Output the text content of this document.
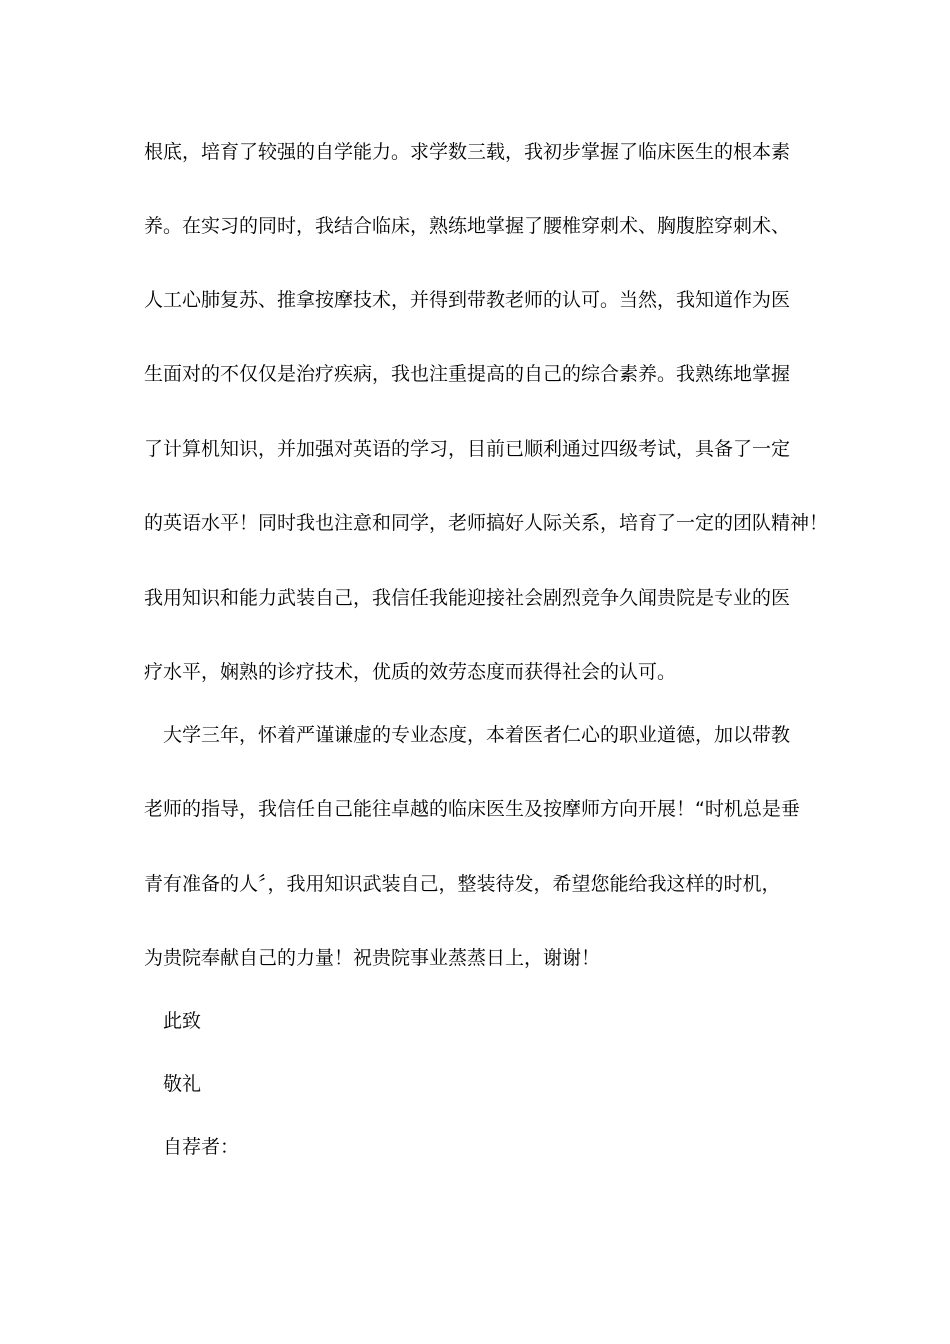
根底，培育了较强的自学能力。求学数三载，我初步掌握了临床医生的根本素
养。在实习的同时，我结合临床，熟练地掌握了腰椎穿刺术、胸腹腔穿刺术、
人工心肺复苏、推拿按摩技术，并得到带教老师的认可。当然，我知道作为医
生面对的不仅仅是治疗疾病，我也注重提高的自己的综合素养。我熟练地掌握
了计算机知识，并加强对英语的学习，目前已顺利通过四级考试，具备了一定
的英语水平！同时我也注意和同学，老师搞好人际关系，培育了一定的团队精神！
我用知识和能力武装自己，我信任我能迎接社会剧烈竞争久闻贵院是专业的医
疗水平，娴熟的诊疗技术，优质的效劳态度而获得社会的认可。
大学三年，怀着严谨谦虚的专业态度，本着医者仁心的职业道德，加以带教
老师的指导，我信任自己能往卓越的临床医生及按摩师方向开展！“时机总是垂
青有准备的人〞，我用知识武装自己，整装待发，希望您能给我这样的时机，
为贵院奉献自己的力量！祝贵院事业蒸蒸日上，谢谢！
此致
敬礼
自荐者：
